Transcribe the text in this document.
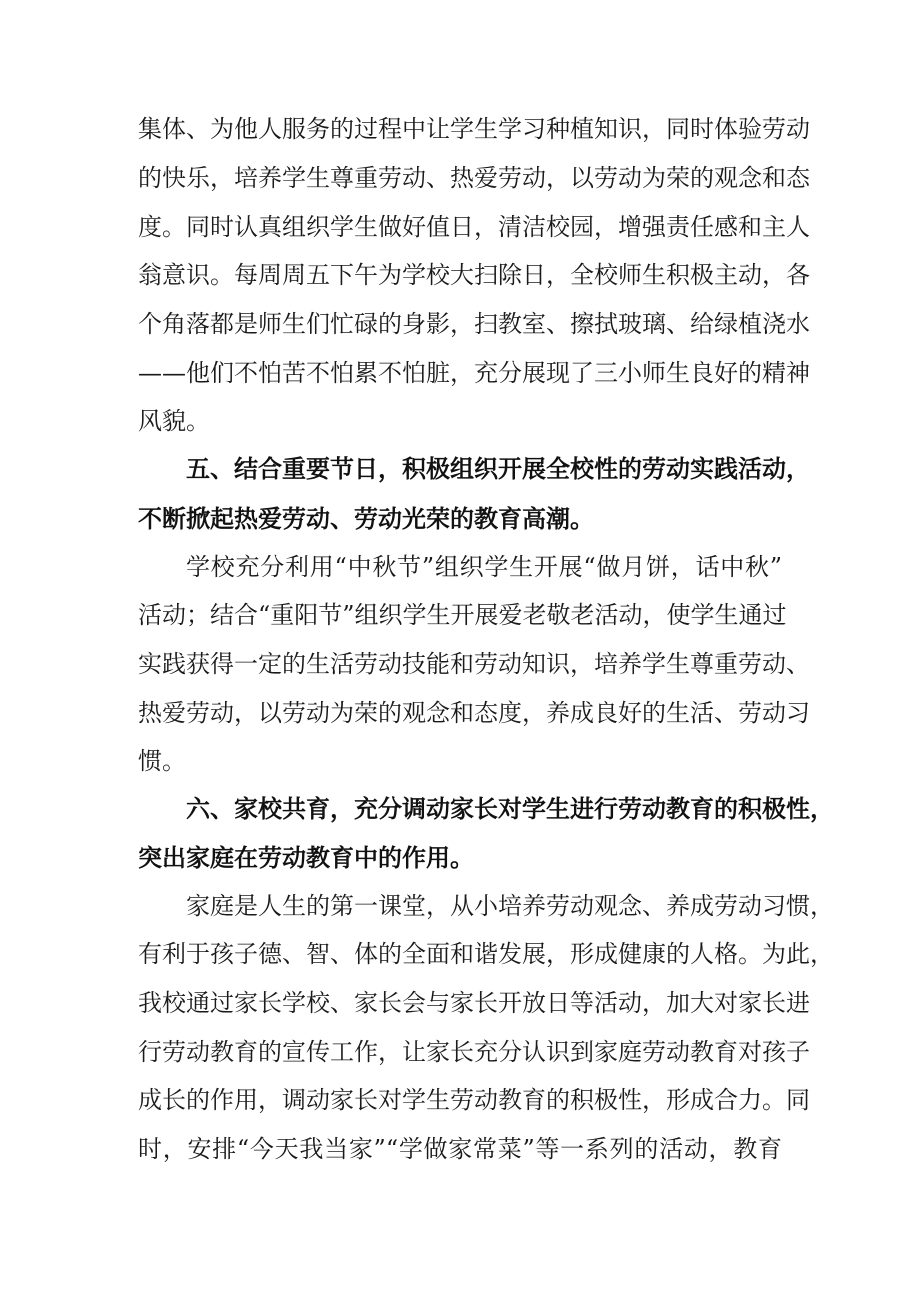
集体、为他人服务的过程中让学生学习种植知识，同时体验劳动
的快乐，培养学生尊重劳动、热爱劳动，以劳动为荣的观念和态
度。同时认真组织学生做好值日，清洁校园，增强责任感和主人
翁意识。每周周五下午为学校大扫除日，全校师生积极主动，各
个角落都是师生们忙碌的身影，扫教室、擦拭玻璃、给绿植浇水
——他们不怕苦不怕累不怕脏，充分展现了三小师生良好的精神
风貌。
五、结合重要节日，积极组织开展全校性的劳动实践活动，
不断掀起热爱劳动、劳动光荣的教育高潮。
学校充分利用“中秋节”组织学生开展“做月饼，话中秋”
活动；结合“重阳节”组织学生开展爱老敬老活动，使学生通过
实践获得一定的生活劳动技能和劳动知识，培养学生尊重劳动、
热爱劳动，以劳动为荣的观念和态度，养成良好的生活、劳动习
惯。
六、家校共育，充分调动家长对学生进行劳动教育的积极性，
突出家庭在劳动教育中的作用。
家庭是人生的第一课堂，从小培养劳动观念、养成劳动习惯，
有利于孩子德、智、体的全面和谐发展，形成健康的人格。为此，
我校通过家长学校、家长会与家长开放日等活动，加大对家长进
行劳动教育的宣传工作，让家长充分认识到家庭劳动教育对孩子
成长的作用，调动家长对学生劳动教育的积极性，形成合力。同
时，安排“今天我当家”“学做家常菜”等一系列的活动，教育
